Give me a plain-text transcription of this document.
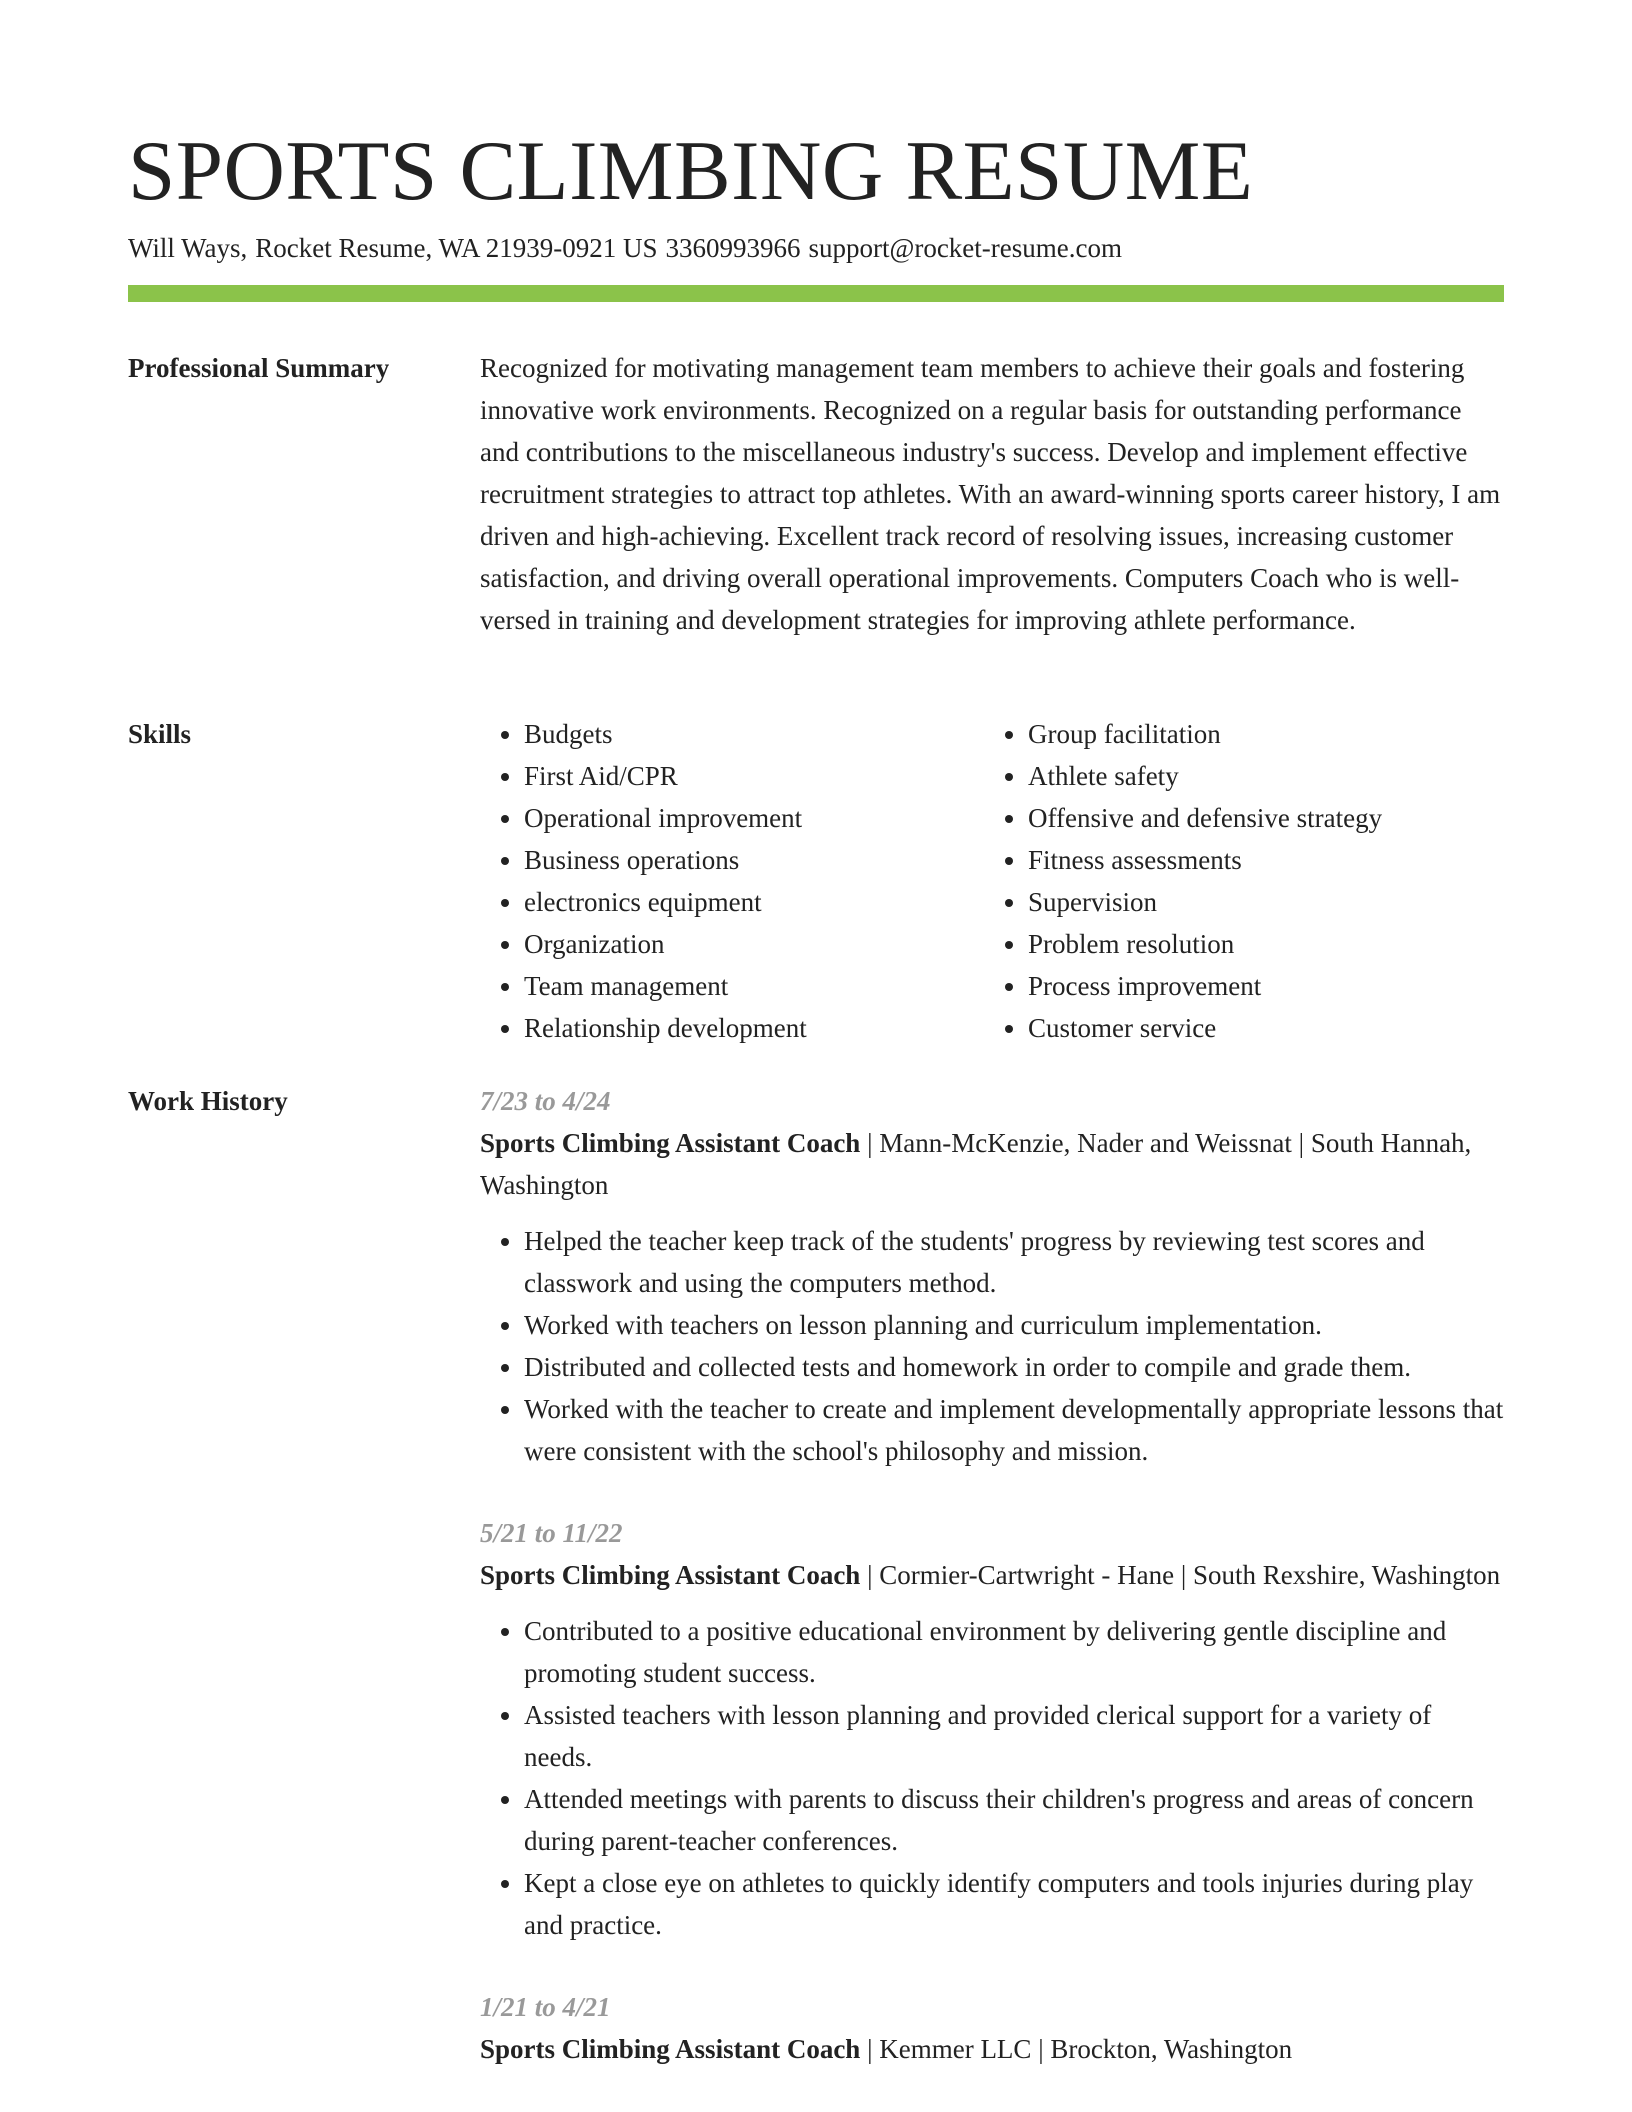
SPORTS CLIMBING RESUME
Will Ways, Rocket Resume, WA 21939-0921 US 3360993966 support@rocket-resume.com
Professional Summary	Recognized for motivating management team members to achieve their goals and fostering innovative work environments. Recognized on a regular basis for outstanding performance and contributions to the miscellaneous industry's success. Develop and implement effective recruitment strategies to attract top athletes. With an award-winning sports career history, I am driven and high-achieving. Excellent track record of resolving issues, increasing customer satisfaction, and driving overall operational improvements. Computers Coach who is well-versed in training and development strategies for improving athlete performance.

Skills
•	Budgets
• First Aid/CPR
• Operational improvement
• Business operations
• electronics equipment
• Organization
• Team management
• Relationship development
• Group facilitation
• Athlete safety
• Offensive and defensive strategy
• Fitness assessments
• Supervision
• Problem resolution
• Process improvement
• Customer service
Work History	7/23 to 4/24

Sports Climbing Assistant Coach | Mann-McKenzie, Nader and Weissnat | South Hannah, Washington

• Helped the teacher keep track of the students' progress by reviewing test scores and classwork and using the computers method.
• Worked with teachers on lesson planning and curriculum implementation.
• Distributed and collected tests and homework in order to compile and grade them.
• Worked with the teacher to create and implement developmentally appropriate lessons that were consistent with the school's philosophy and mission.
5/21 to 11/22

Sports Climbing Assistant Coach | Cormier-Cartwright - Hane | South Rexshire, Washington

• Contributed to a positive educational environment by delivering gentle discipline and promoting student success.
• Assisted teachers with lesson planning and provided clerical support for a variety of needs.
• Attended meetings with parents to discuss their children's progress and areas of concern during parent-teacher conferences.
• Kept a close eye on athletes to quickly identify computers and tools injuries during play and practice.
1/21 to 4/21

Sports Climbing Assistant Coach | Kemmer LLC | Brockton, Washington
